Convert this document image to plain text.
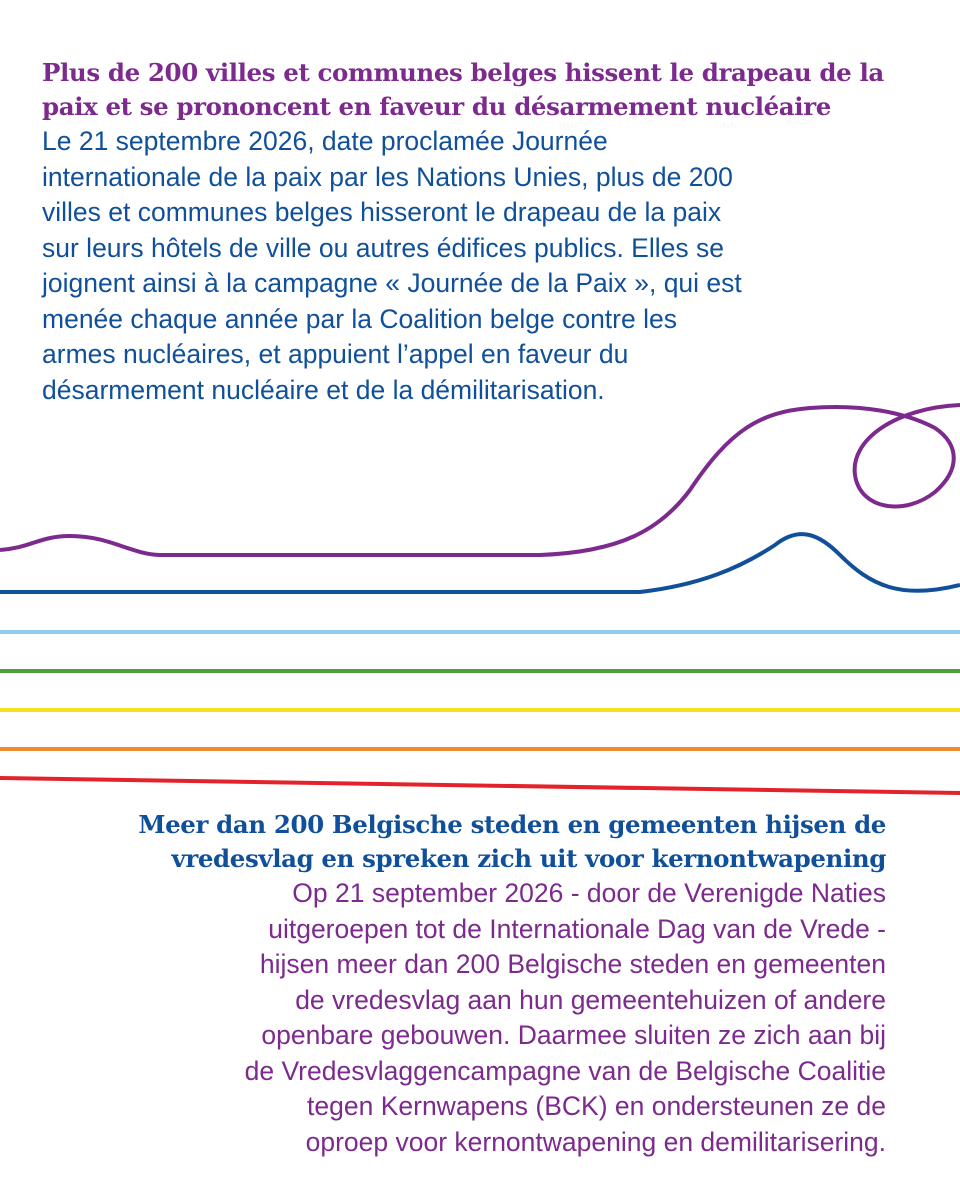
Plus de 200 villes et communes belges hissent le drapeau de la
paix et se prononcent en faveur du désarmement nucléaire

Le 21 septembre 2026, date proclamée Journée
internationale de la paix par les Nations Unies, plus de 200
villes et communes belges hisseront le drapeau de la paix
sur leurs hôtels de ville ou autres édifices publics. Elles se
joignent ainsi à la campagne « Journée de la Paix », qui est
menée chaque année par la Coalition belge contre les
armes nucléaires, et appuient l’appel en faveur du
désarmement nucléaire et de la démilitarisation.

Meer dan 200 Belgische steden en gemeenten hijsen de
vredesvlag en spreken zich uit voor kernontwapening

Op 21 september 2026 - door de Verenigde Naties
uitgeroepen tot de Internationale Dag van de Vrede -
hijsen meer dan 200 Belgische steden en gemeenten
de vredesvlag aan hun gemeentehuizen of andere
openbare gebouwen. Daarmee sluiten ze zich aan bij
de Vredesvlaggencampagne van de Belgische Coalitie
tegen Kernwapens (BCK) en ondersteunen ze de
oproep voor kernontwapening en demilitarisering.
